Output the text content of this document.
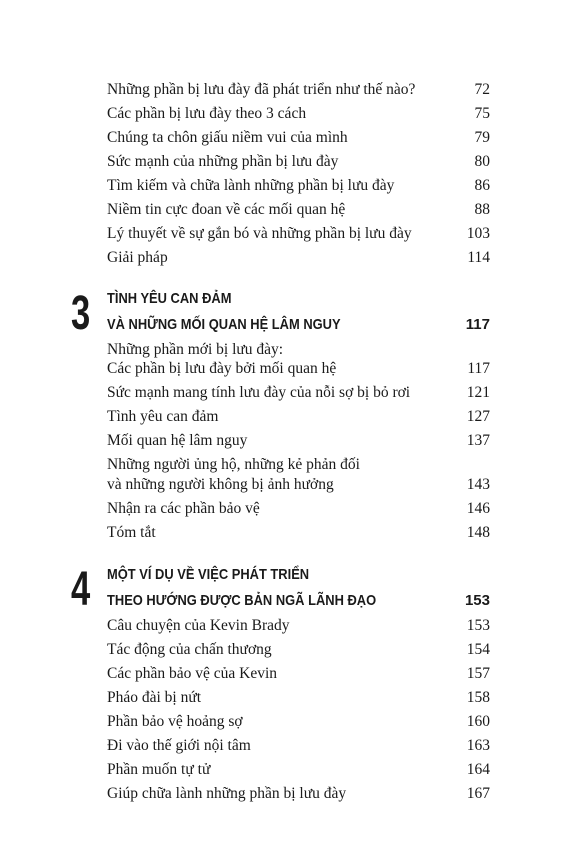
Những phần bị lưu đày đã phát triển như thế nào?	72
Các phần bị lưu đày theo 3 cách	75
Chúng ta chôn giấu niềm vui của mình	79
Sức mạnh của những phần bị lưu đày	80
Tìm kiếm và chữa lành những phần bị lưu đày	86
Niềm tin cực đoan về các mối quan hệ	88
Lý thuyết về sự gắn bó và những phần bị lưu đày	103
Giải pháp	114
3 TÌNH YÊU CAN ĐẢM
VÀ NHỮNG MỐI QUAN HỆ LÂM NGUY	117
Những phần mới bị lưu đày:
Các phần bị lưu đày bởi mối quan hệ	117
Sức mạnh mang tính lưu đày của nỗi sợ bị bỏ rơi	121
Tình yêu can đảm	127
Mối quan hệ lâm nguy	137
Những người ủng hộ, những kẻ phản đối
và những người không bị ảnh hưởng	143
Nhận ra các phần bảo vệ	146
Tóm tắt	148
4 MỘT VÍ DỤ VỀ VIỆC PHÁT TRIỂN
THEO HƯỚNG ĐƯỢC BẢN NGÃ LÃNH ĐẠO	153
Câu chuyện của Kevin Brady	153
Tác động của chấn thương	154
Các phần bảo vệ của Kevin	157
Pháo đài bị nứt	158
Phần bảo vệ hoảng sợ	160
Đi vào thế giới nội tâm	163
Phần muốn tự tử	164
Giúp chữa lành những phần bị lưu đày	167
